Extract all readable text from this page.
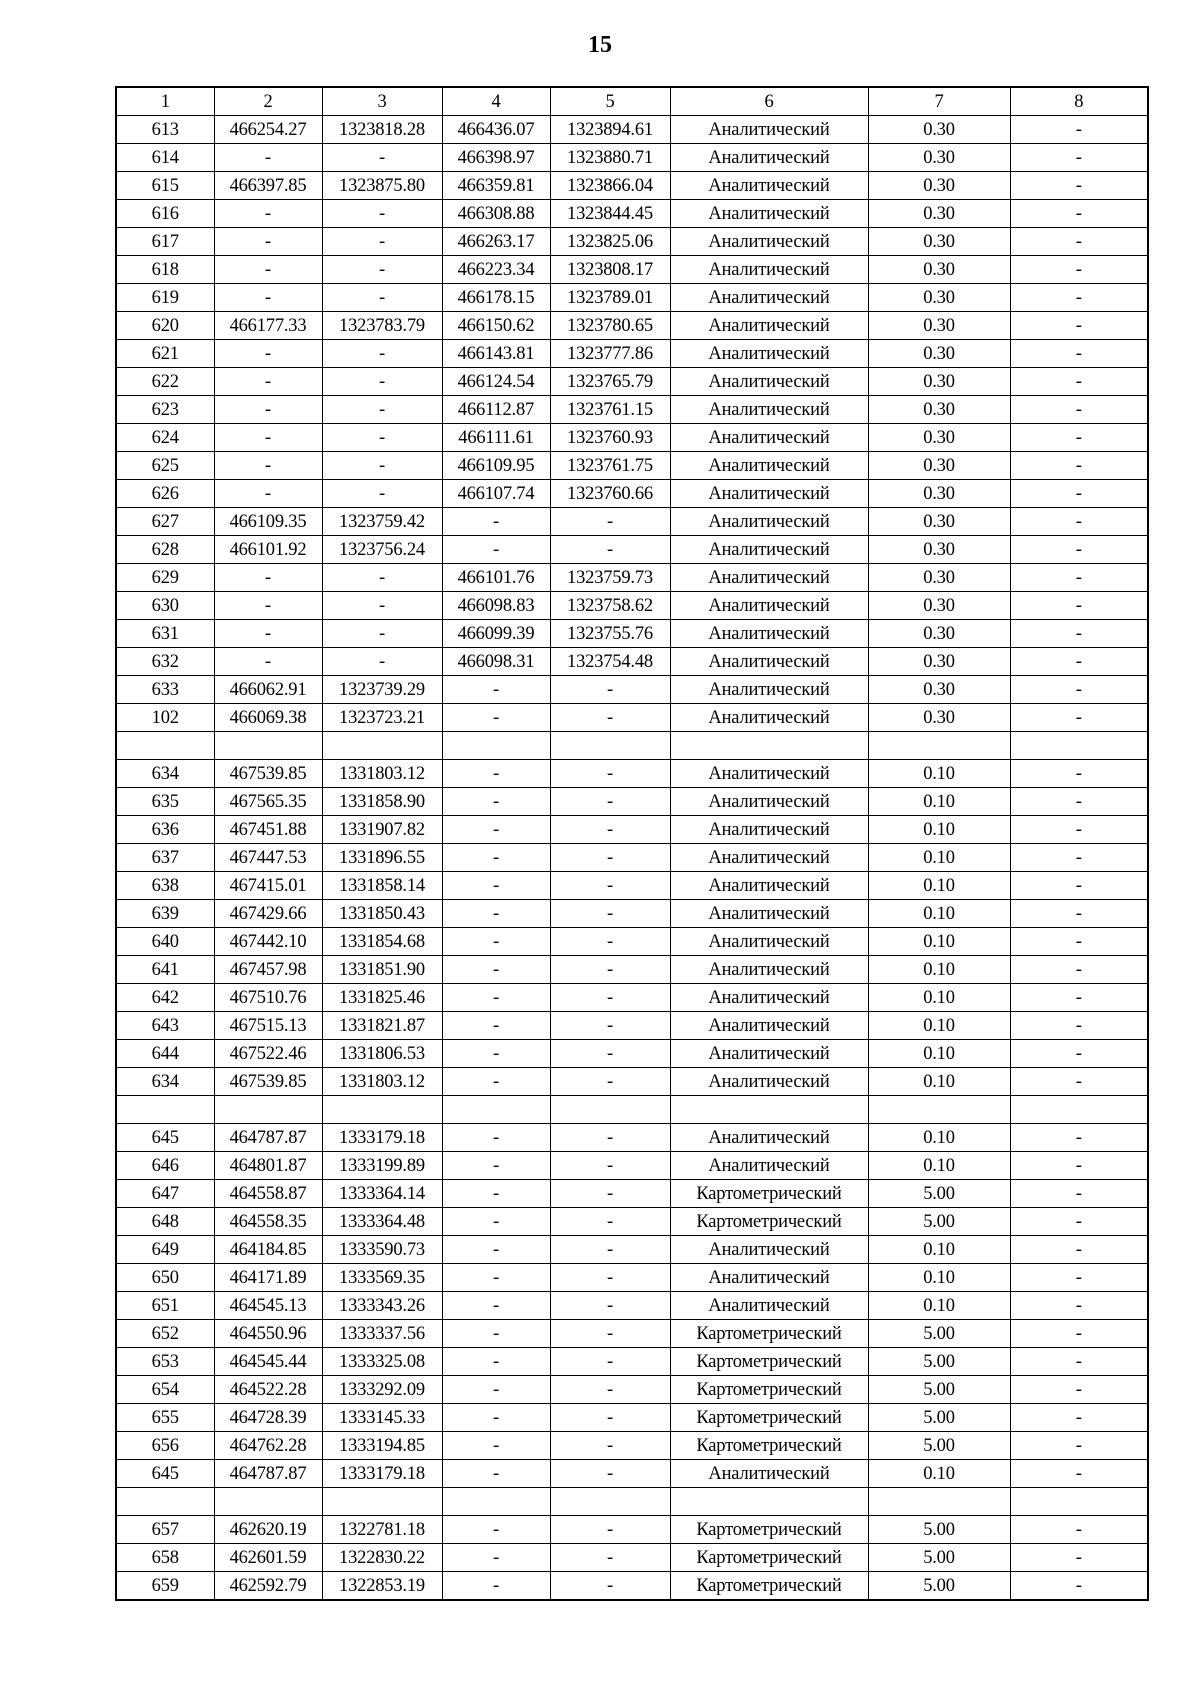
15
1	2	3	4	5	6	7	8
613	466254.27	1323818.28	466436.07	1323894.61	Аналитический	0.30	-
614	-	-	466398.97	1323880.71	Аналитический	0.30	-
615	466397.85	1323875.80	466359.81	1323866.04	Аналитический	0.30	-
616	-	-	466308.88	1323844.45	Аналитический	0.30	-
617	-	-	466263.17	1323825.06	Аналитический	0.30	-
618	-	-	466223.34	1323808.17	Аналитический	0.30	-
619	-	-	466178.15	1323789.01	Аналитический	0.30	-
620	466177.33	1323783.79	466150.62	1323780.65	Аналитический	0.30	-
621	-	-	466143.81	1323777.86	Аналитический	0.30	-
622	-	-	466124.54	1323765.79	Аналитический	0.30	-
623	-	-	466112.87	1323761.15	Аналитический	0.30	-
624	-	-	466111.61	1323760.93	Аналитический	0.30	-
625	-	-	466109.95	1323761.75	Аналитический	0.30	-
626	-	-	466107.74	1323760.66	Аналитический	0.30	-
627	466109.35	1323759.42	-	-	Аналитический	0.30	-
628	466101.92	1323756.24	-	-	Аналитический	0.30	-
629	-	-	466101.76	1323759.73	Аналитический	0.30	-
630	-	-	466098.83	1323758.62	Аналитический	0.30	-
631	-	-	466099.39	1323755.76	Аналитический	0.30	-
632	-	-	466098.31	1323754.48	Аналитический	0.30	-
633	466062.91	1323739.29	-	-	Аналитический	0.30	-
102	466069.38	1323723.21	-	-	Аналитический	0.30	-

634	467539.85	1331803.12	-	-	Аналитический	0.10	-
635	467565.35	1331858.90	-	-	Аналитический	0.10	-
636	467451.88	1331907.82	-	-	Аналитический	0.10	-
637	467447.53	1331896.55	-	-	Аналитический	0.10	-
638	467415.01	1331858.14	-	-	Аналитический	0.10	-
639	467429.66	1331850.43	-	-	Аналитический	0.10	-
640	467442.10	1331854.68	-	-	Аналитический	0.10	-
641	467457.98	1331851.90	-	-	Аналитический	0.10	-
642	467510.76	1331825.46	-	-	Аналитический	0.10	-
643	467515.13	1331821.87	-	-	Аналитический	0.10	-
644	467522.46	1331806.53	-	-	Аналитический	0.10	-
634	467539.85	1331803.12	-	-	Аналитический	0.10	-

645	464787.87	1333179.18	-	-	Аналитический	0.10	-
646	464801.87	1333199.89	-	-	Аналитический	0.10	-
647	464558.87	1333364.14	-	-	Картометрический	5.00	-
648	464558.35	1333364.48	-	-	Картометрический	5.00	-
649	464184.85	1333590.73	-	-	Аналитический	0.10	-
650	464171.89	1333569.35	-	-	Аналитический	0.10	-
651	464545.13	1333343.26	-	-	Аналитический	0.10	-
652	464550.96	1333337.56	-	-	Картометрический	5.00	-
653	464545.44	1333325.08	-	-	Картометрический	5.00	-
654	464522.28	1333292.09	-	-	Картометрический	5.00	-
655	464728.39	1333145.33	-	-	Картометрический	5.00	-
656	464762.28	1333194.85	-	-	Картометрический	5.00	-
645	464787.87	1333179.18	-	-	Аналитический	0.10	-

657	462620.19	1322781.18	-	-	Картометрический	5.00	-
658	462601.59	1322830.22	-	-	Картометрический	5.00	-
659	462592.79	1322853.19	-	-	Картометрический	5.00	-
